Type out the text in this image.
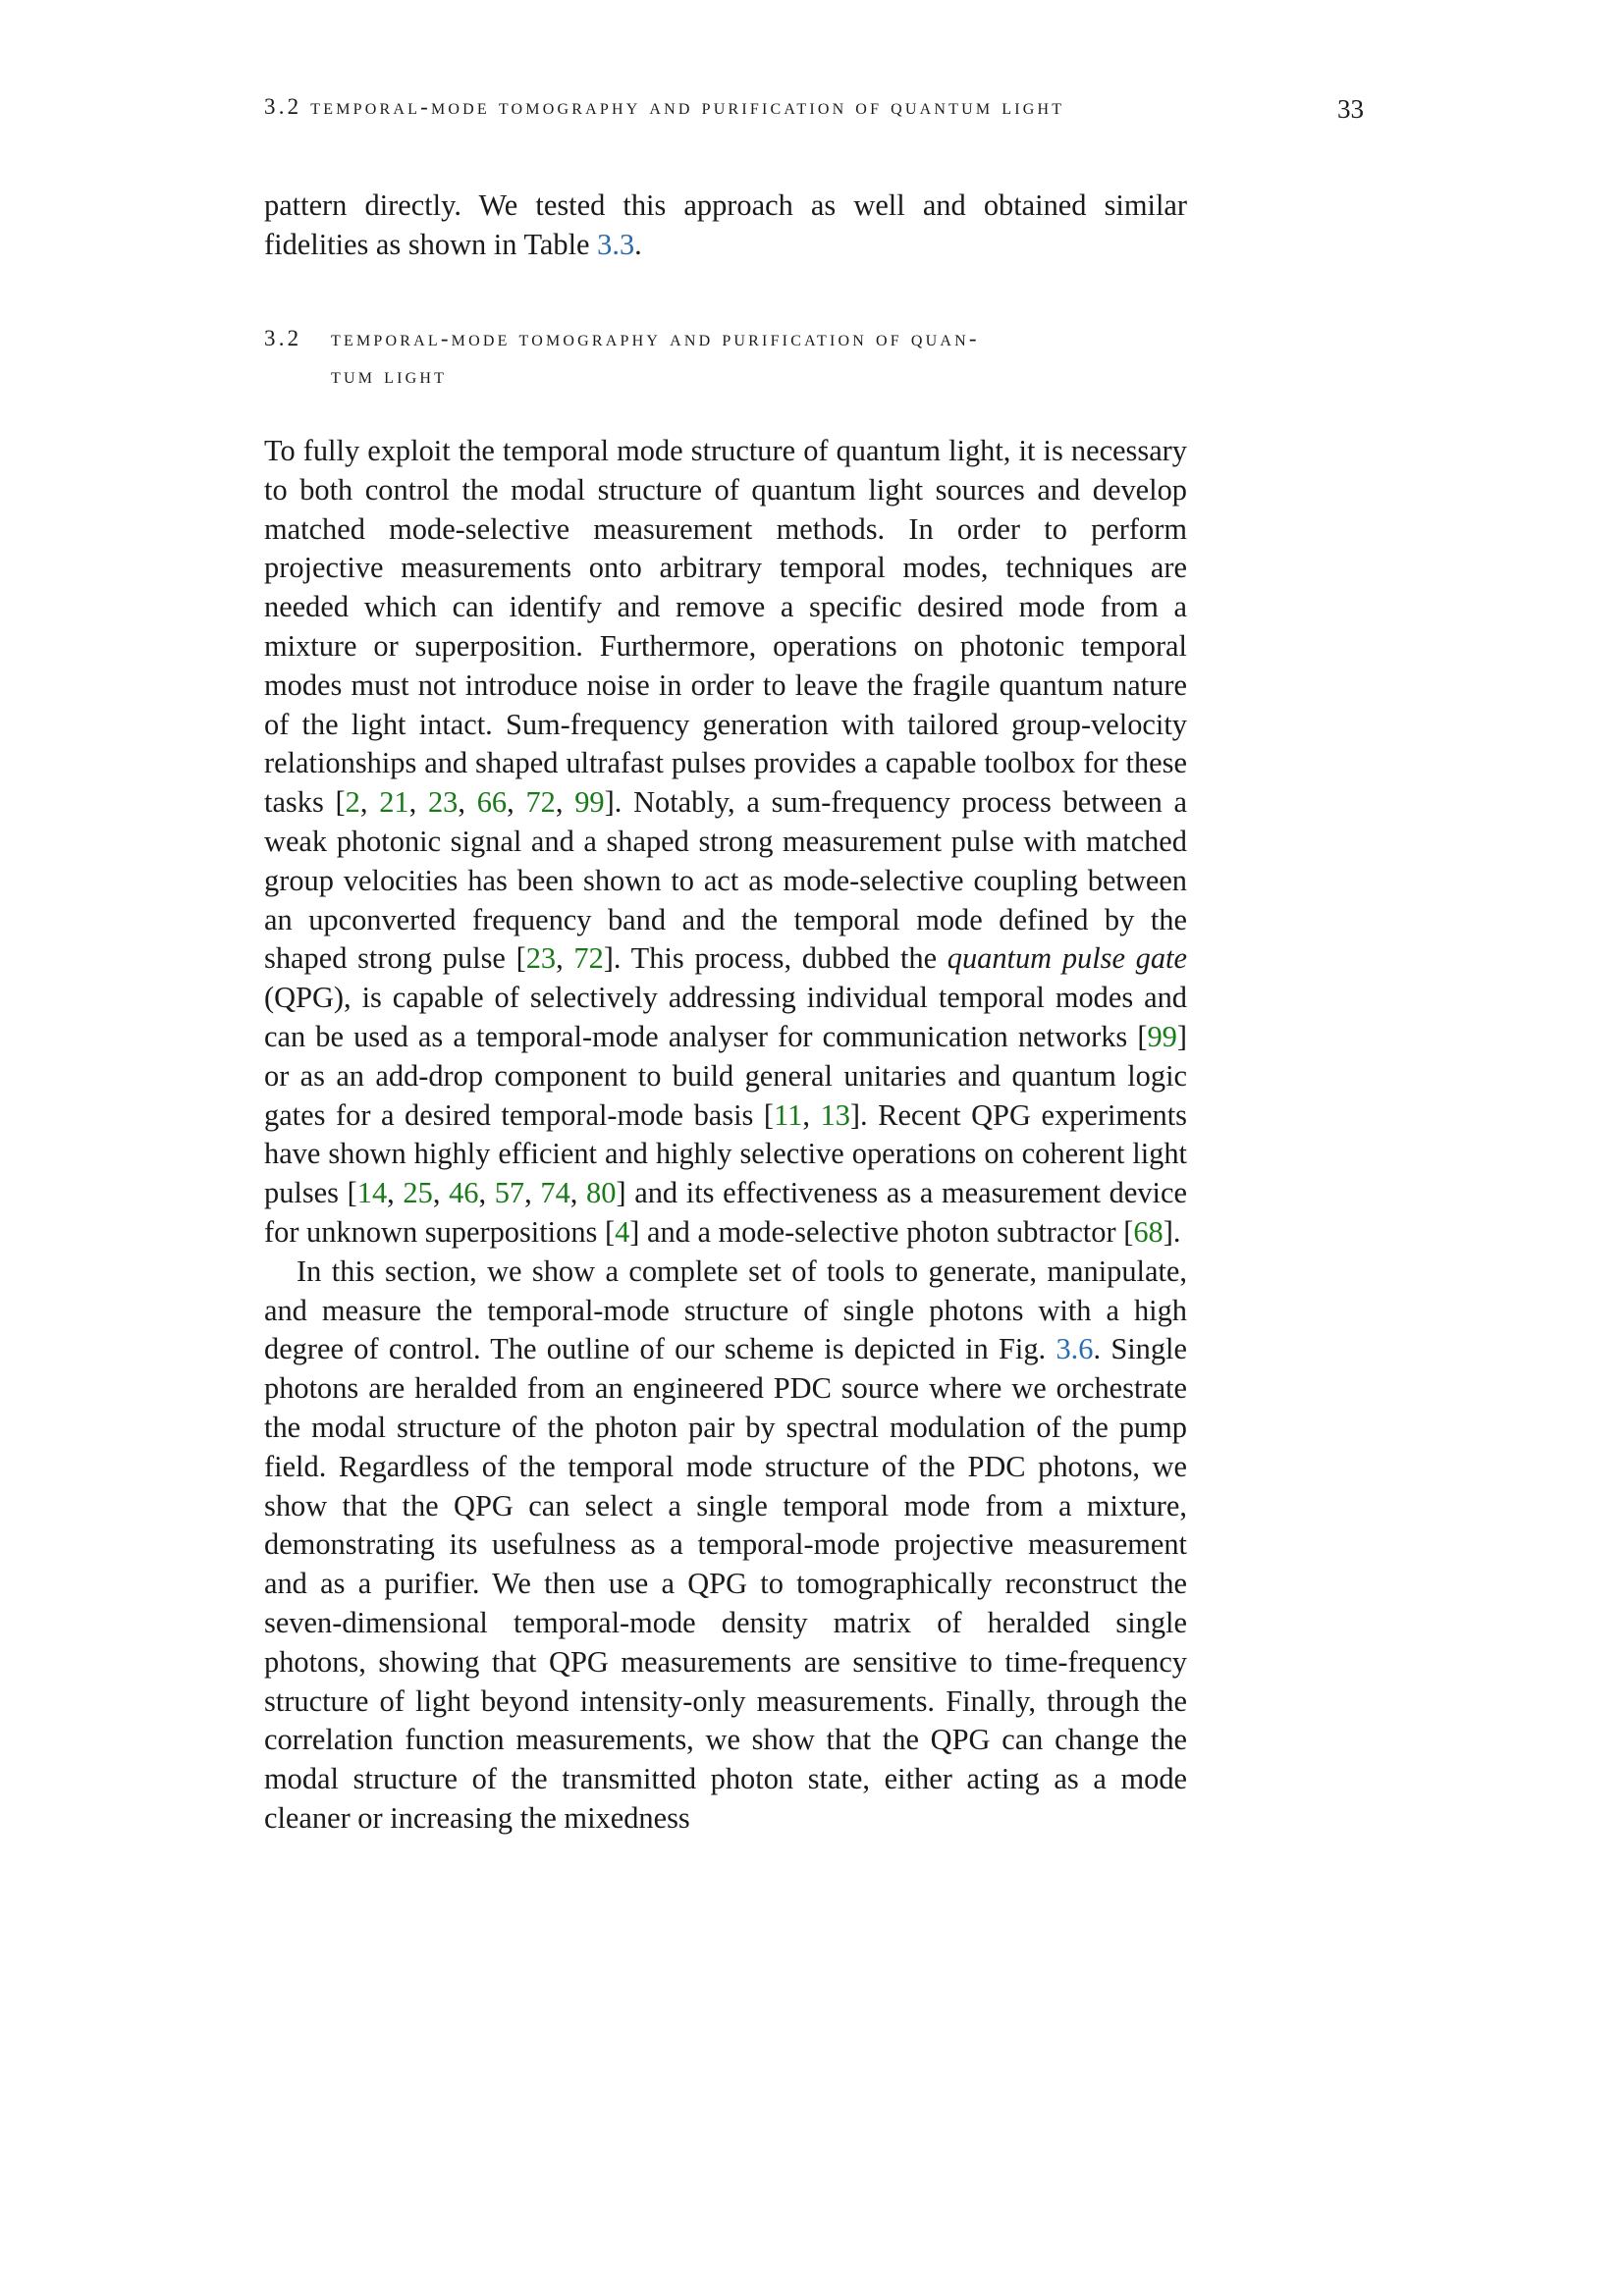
3.2 temporal-mode tomography and purification of quantum light	33

pattern directly. We tested this approach as well and obtained similar fidelities as shown in Table 3.3.

3.2 temporal-mode tomography and purification of quan-
tum light

To fully exploit the temporal mode structure of quantum light, it is necessary to both control the modal structure of quantum light sources and develop matched mode-selective measurement methods. In order to perform projective measurements onto arbitrary temporal modes, techniques are needed which can identify and remove a specific desired mode from a mixture or superposition. Furthermore, operations on photonic temporal modes must not introduce noise in order to leave the fragile quantum nature of the light intact. Sum-frequency generation with tailored group-velocity relationships and shaped ultrafast pulses provides a capable toolbox for these tasks [2, 21, 23, 66, 72, 99]. Notably, a sum-frequency process between a weak photonic signal and a shaped strong measurement pulse with matched group velocities has been shown to act as mode-selective coupling between an upconverted frequency band and the temporal mode defined by the shaped strong pulse [23, 72]. This process, dubbed the quantum pulse gate (QPG), is capable of selectively addressing individual temporal modes and can be used as a temporal-mode analyser for communication networks [99] or as an add-drop component to build general unitaries and quantum logic gates for a desired temporal-mode basis [11, 13]. Recent QPG experiments have shown highly efficient and highly selective operations on coherent light pulses [14, 25, 46, 57, 74, 80] and its effectiveness as a measurement device for unknown superpositions [4] and a mode-selective photon subtractor [68].

In this section, we show a complete set of tools to generate, manipulate, and measure the temporal-mode structure of single photons with a high degree of control. The outline of our scheme is depicted in Fig. 3.6. Single photons are heralded from an engineered PDC source where we orchestrate the modal structure of the photon pair by spectral modulation of the pump field. Regardless of the temporal mode structure of the PDC photons, we show that the QPG can select a single temporal mode from a mixture, demonstrating its usefulness as a temporal-mode projective measurement and as a purifier. We then use a QPG to tomographically reconstruct the seven-dimensional temporal-mode density matrix of heralded single photons, showing that QPG measurements are sensitive to time-frequency structure of light beyond intensity-only measurements. Finally, through the correlation function measurements, we show that the QPG can change the modal structure of the transmitted photon state, either acting as a mode cleaner or increasing the mixedness
